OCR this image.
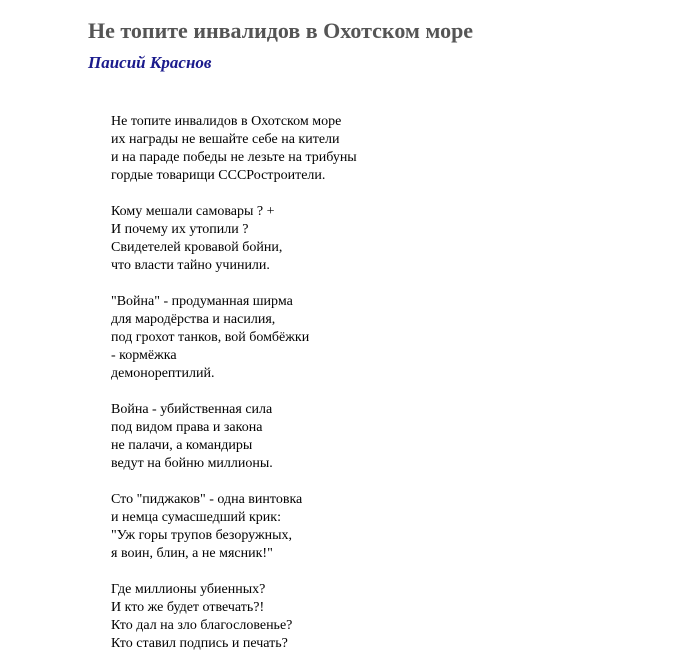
Не топите инвалидов в Охотском море
Паисий Краснов
Не топите инвалидов в Охотском море
их награды не вешайте себе на кители
и на параде победы не лезьте на трибуны
гордые товарищи СССРостроители.
Кому мешали самовары ? +
И почему их утопили ?
Свидетелей кровавой бойни,
что власти тайно учинили.
"Война" - продуманная ширма
для мародёрства и насилия,
под грохот танков, вой бомбёжки
- кормёжка
демонорептилий.
Война - убийственная сила
под видом права и закона
не палачи, а командиры
ведут на бойню миллионы.
Сто "пиджаков" - одна винтовка
и немца сумасшедший крик:
"Уж горы трупов безоружных,
я воин, блин, а не мясник!"
Где миллионы убиенных?
И кто же будет отвечать?!
Кто дал на зло благословенье?
Кто ставил подпись и печать?
